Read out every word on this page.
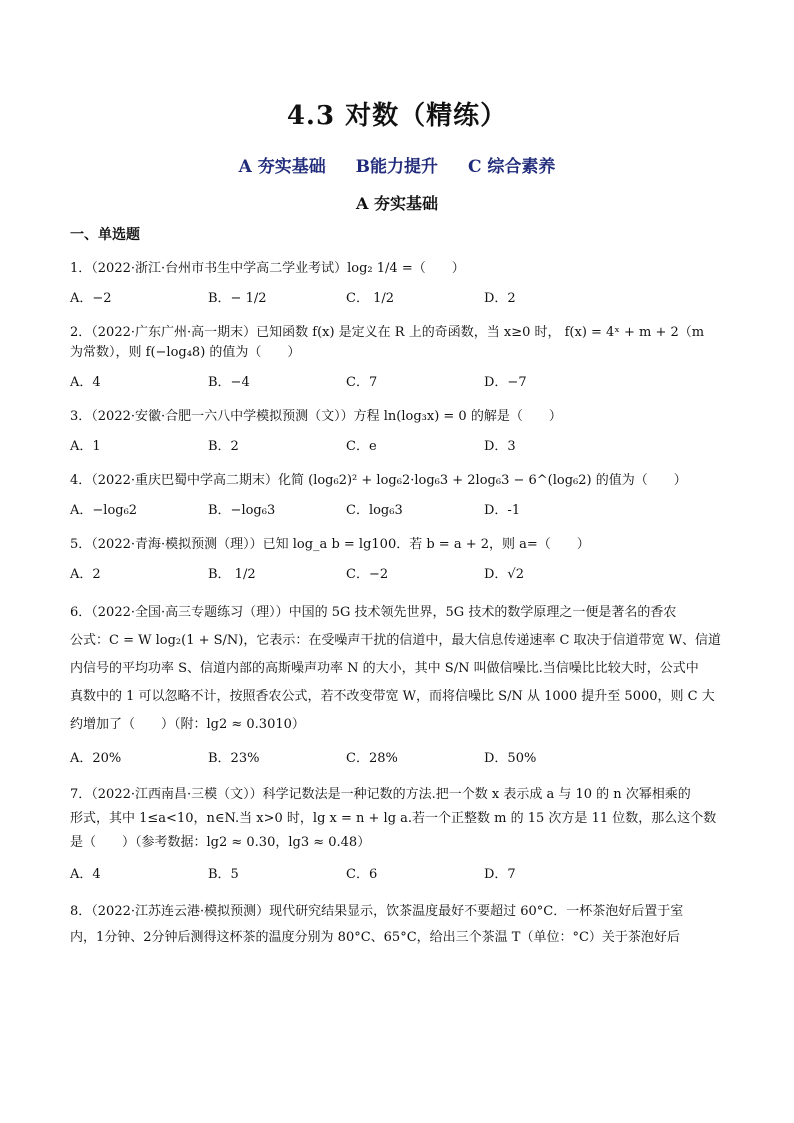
4.3 对数（精练）
A 夯实基础 B能力提升 C 综合素养
A 夯实基础
一、单选题
1．（2022·浙江·台州市书生中学高二学业考试）log₂ 1/4 =（　　）
A．−2	B．− 1/2	C． 1/2	D．2
2．（2022·广东广州·高一期末）已知函数 f(x) 是定义在 R 上的奇函数，当 x≥0 时， f(x) = 4ˣ + m + 2（m
为常数），则 f(−log₄8) 的值为（　　）
A．4	B．−4	C．7	D．−7
3．（2022·安徽·合肥一六八中学模拟预测（文））方程 ln(log₃x) = 0 的解是（　　）
A．1	B．2	C．e	D．3
4．（2022·重庆巴蜀中学高二期末）化简 (log₆2)² + log₆2·log₆3 + 2log₆3 − 6^(log₆2) 的值为（　　）
A．−log₆2	B．−log₆3	C．log₆3	D．-1
5．（2022·青海·模拟预测（理））已知 log_a b = lg100．若 b = a + 2，则 a=（　　）
A．2	B． 1/2	C．−2	D．√2
6．（2022·全国·高三专题练习（理））中国的 5G 技术领先世界，5G 技术的数学原理之一便是著名的香农
公式：C = W log₂(1 + S/N)，它表示：在受噪声干扰的信道中，最大信息传递速率 C 取决于信道带宽 W、信道
内信号的平均功率 S、信道内部的高斯噪声功率 N 的大小，其中 S/N 叫做信噪比.当信噪比比较大时，公式中
真数中的 1 可以忽略不计，按照香农公式，若不改变带宽 W，而将信噪比 S/N 从 1000 提升至 5000，则 C 大
约增加了（　　）（附：lg2 ≈ 0.3010）
A．20%	B．23%	C．28%	D．50%
7．（2022·江西南昌·三模（文））科学记数法是一种记数的方法.把一个数 x 表示成 a 与 10 的 n 次幂相乘的
形式，其中 1≤a<10，n∈N.当 x>0 时，lg x = n + lg a.若一个正整数 m 的 15 次方是 11 位数，那么这个数
是（　　）（参考数据：lg2 ≈ 0.30，lg3 ≈ 0.48）
A．4	B．5	C．6	D．7
8．（2022·江苏连云港·模拟预测）现代研究结果显示，饮茶温度最好不要超过 60°C．一杯茶泡好后置于室
内，1分钟、2分钟后测得这杯茶的温度分别为 80°C、65°C，给出三个茶温 T（单位：°C）关于茶泡好后
